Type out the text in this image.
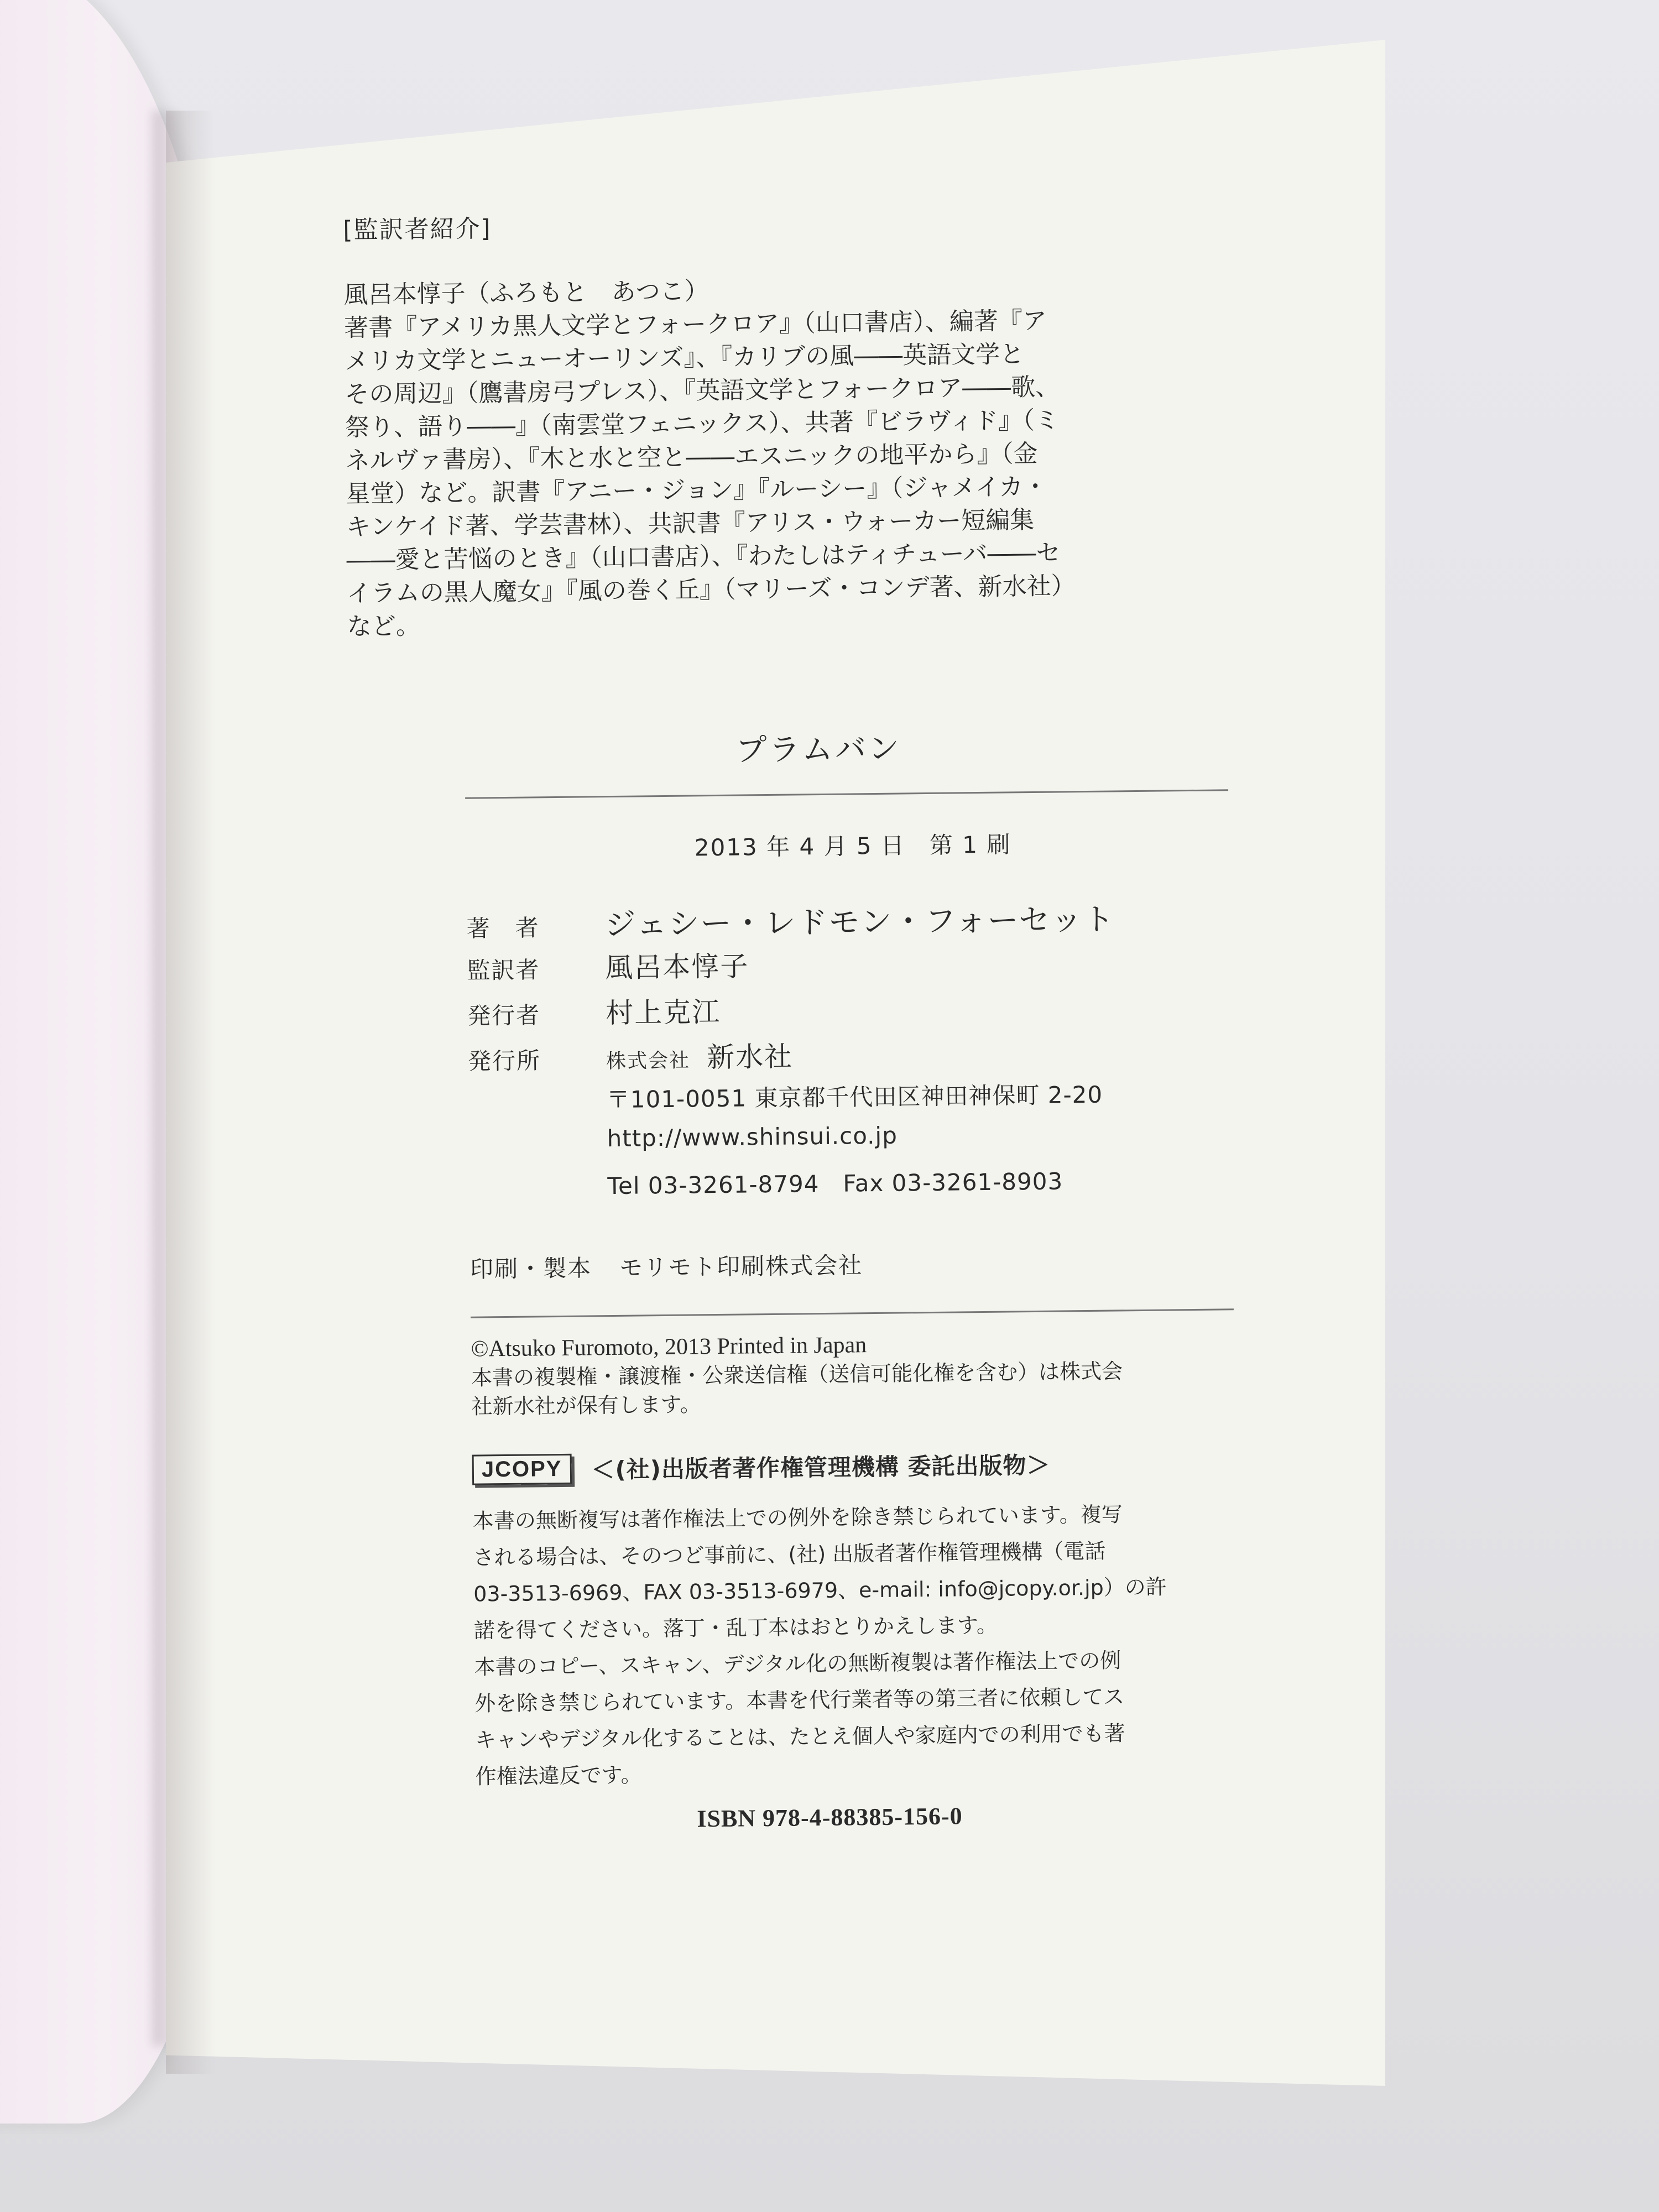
[監訳者紹介]
風呂本惇子（ふろもと　あつこ）
著書『アメリカ黒人文学とフォークロア』（山口書店）、編著『ア
メリカ文学とニューオーリンズ』、『カリブの風――英語文学と
その周辺』（鷹書房弓プレス）、『英語文学とフォークロア――歌、
祭り、語り――』（南雲堂フェニックス）、共著『ビラヴィド』（ミ
ネルヴァ書房）、『木と水と空と――エスニックの地平から』（金
星堂）など。訳書『アニー・ジョン』『ルーシー』（ジャメイカ・
キンケイド著、学芸書林）、共訳書『アリス・ウォーカー短編集
――愛と苦悩のとき』（山口書店）、『わたしはティチューバ――セ
イラムの黒人魔女』『風の巻く丘』（マリーズ・コンデ著、新水社）
など。
プラムバン
2013 年 4 月 5 日　第 1 刷
著　者	ジェシー・レドモン・フォーセット
監訳者	風呂本惇子
発行者	村上克江
発行所	株式会社 新水社
〒101-0051 東京都千代田区神田神保町 2-20
http://www.shinsui.co.jp
Tel 03-3261-8794　Fax 03-3261-8903
印刷・製本 モリモト印刷株式会社
©Atsuko Furomoto, 2013 Printed in Japan
本書の複製権・譲渡権・公衆送信権（送信可能化権を含む）は株式会
社新水社が保有します。
JCOPY	＜(社)出版者著作権管理機構 委託出版物＞
本書の無断複写は著作権法上での例外を除き禁じられています。複写
される場合は、そのつど事前に、(社) 出版者著作権管理機構（電話
03-3513-6969、FAX 03-3513-6979、e-mail: info@jcopy.or.jp）の許
諾を得てください。落丁・乱丁本はおとりかえします。
本書のコピー、スキャン、デジタル化の無断複製は著作権法上での例
外を除き禁じられています。本書を代行業者等の第三者に依頼してス
キャンやデジタル化することは、たとえ個人や家庭内での利用でも著
作権法違反です。
ISBN 978-4-88385-156-0
